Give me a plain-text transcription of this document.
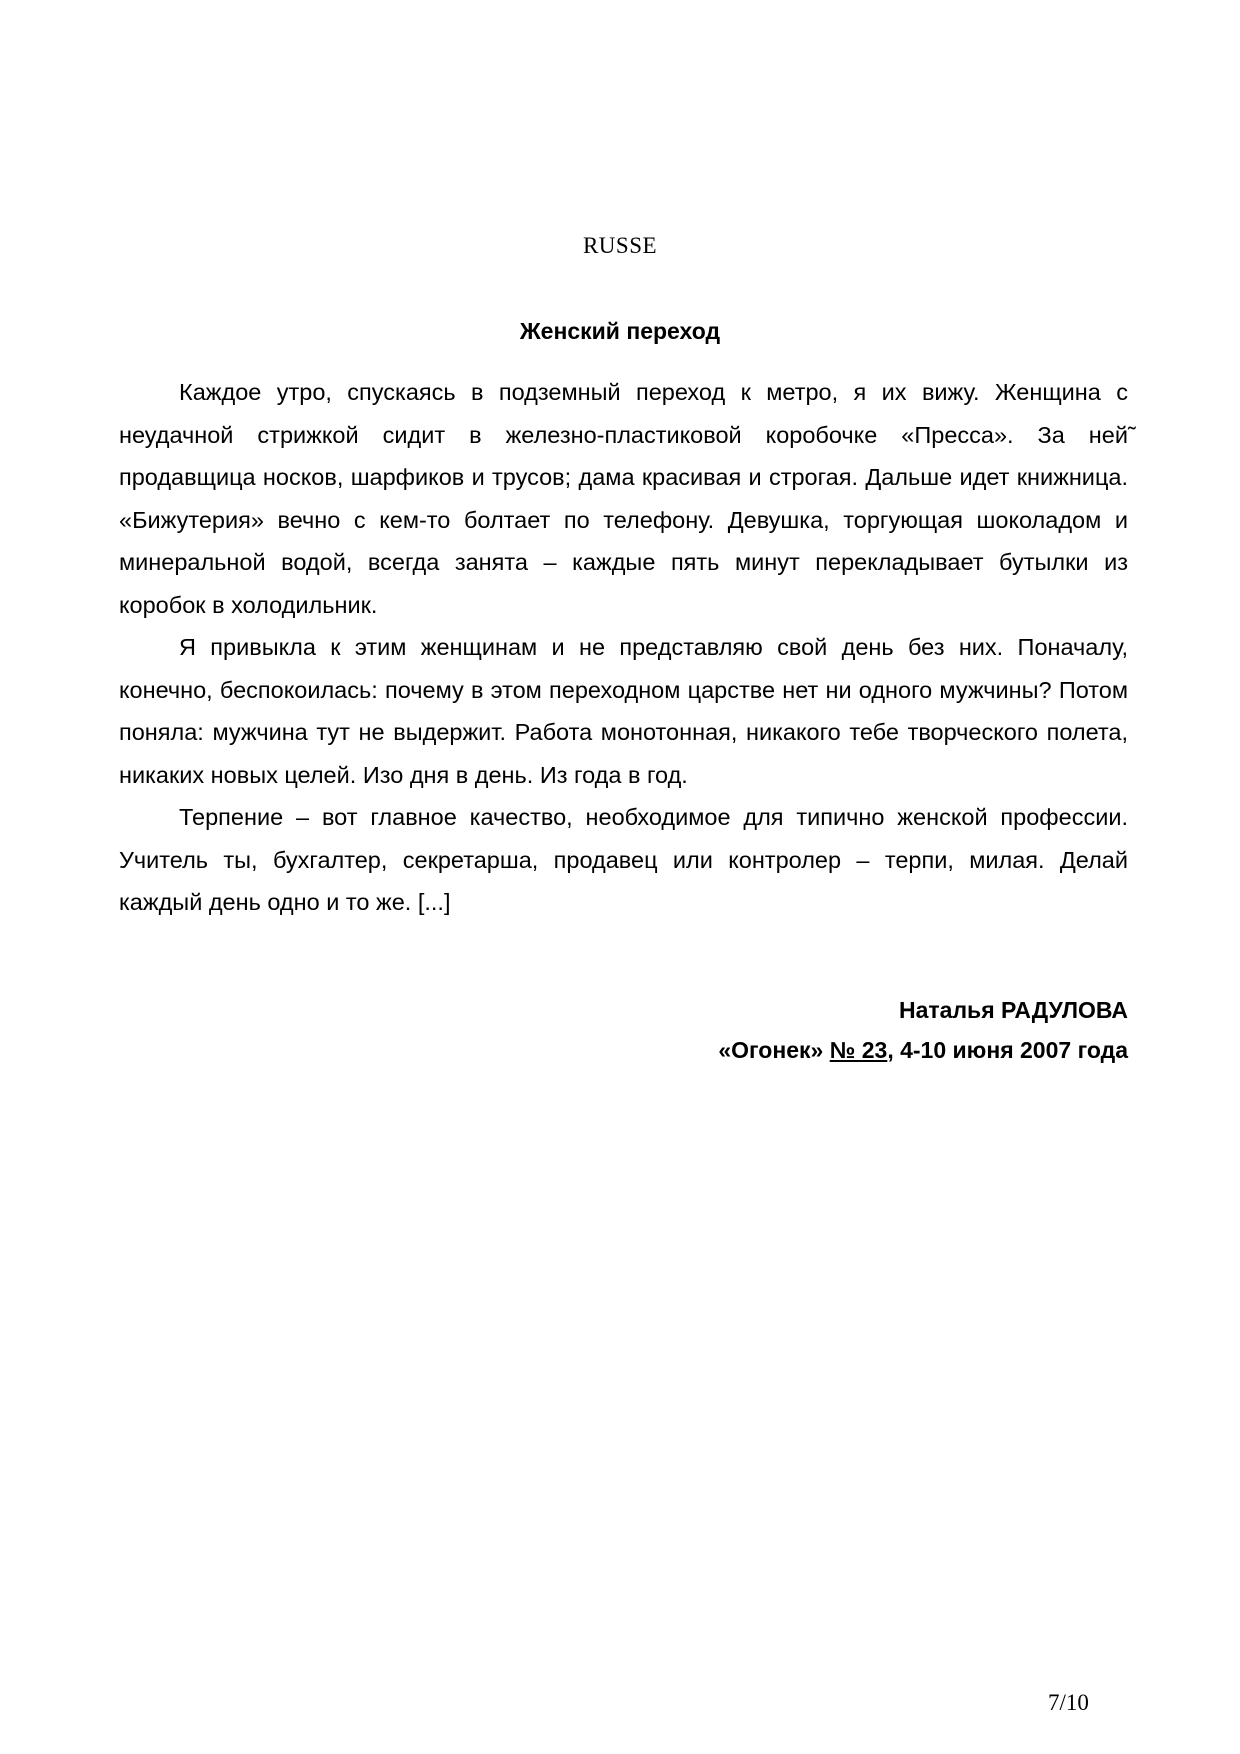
RUSSE
Женский переход

Каждое утро, спускаясь в подземный переход к метро, я их вижу. Женщина с неудачной стрижкой сидит в железно-пластиковой коробочке «Пресса». За ней̃ продавщица носков, шарфиков и трусов; дама красивая и строгая. Дальше идет книжница. «Бижутерия» вечно с кем-то болтает по телефону. Девушка, торгующая шоколадом и минеральной водой, всегда занята – каждые пять минут перекладывает бутылки из коробок в холодильник.

Я привыкла к этим женщинам и не представляю свой день без них. Поначалу, конечно, беспокоилась: почему в этом переходном царстве нет ни одного мужчины? Потом поняла: мужчина тут не выдержит. Работа монотонная, никакого тебе творческого полета, никаких новых целей. Изо дня в день. Из года в год.

Терпение – вот главное качество, необходимое для типично женской профессии. Учитель ты, бухгалтер, секретарша, продавец или контролер – терпи, милая. Делай каждый день одно и то же. [...]

Наталья РАДУЛОВА
«Огонек» № 23, 4-10 июня 2007 года
7/10
